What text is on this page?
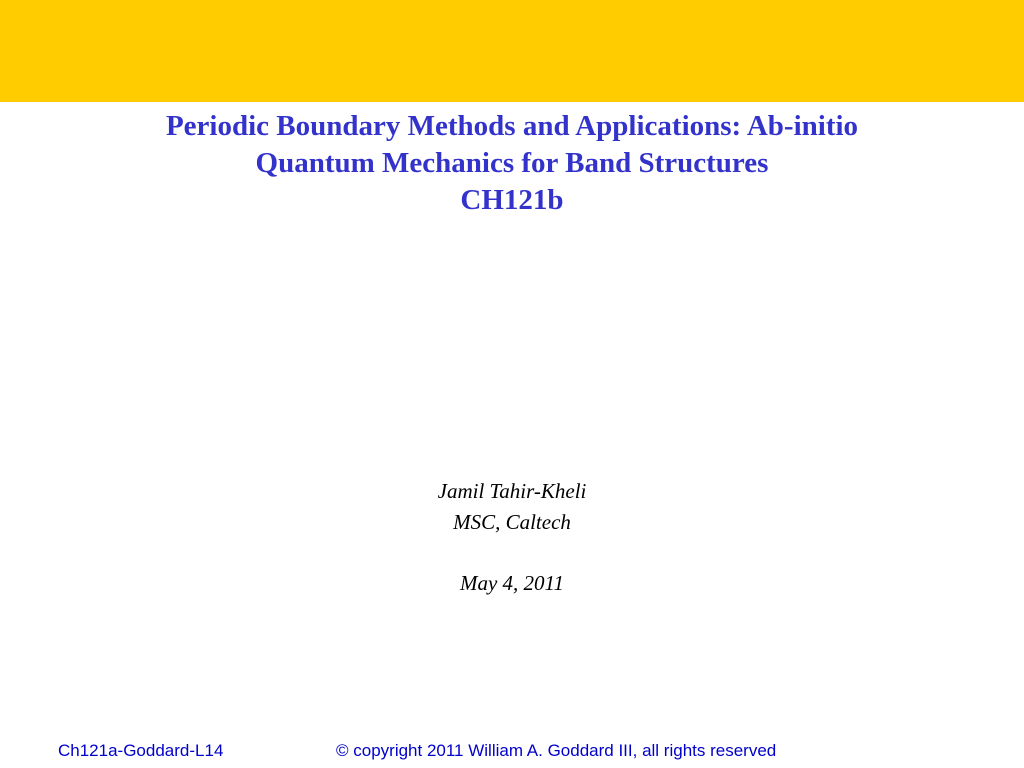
Periodic Boundary Methods and Applications: Ab-initio
Quantum Mechanics for Band Structures
CH121b
Jamil Tahir-Kheli
MSC, Caltech
May 4, 2011
Ch121a-Goddard-L14	© copyright 2011 William A. Goddard III, all rights reserved
